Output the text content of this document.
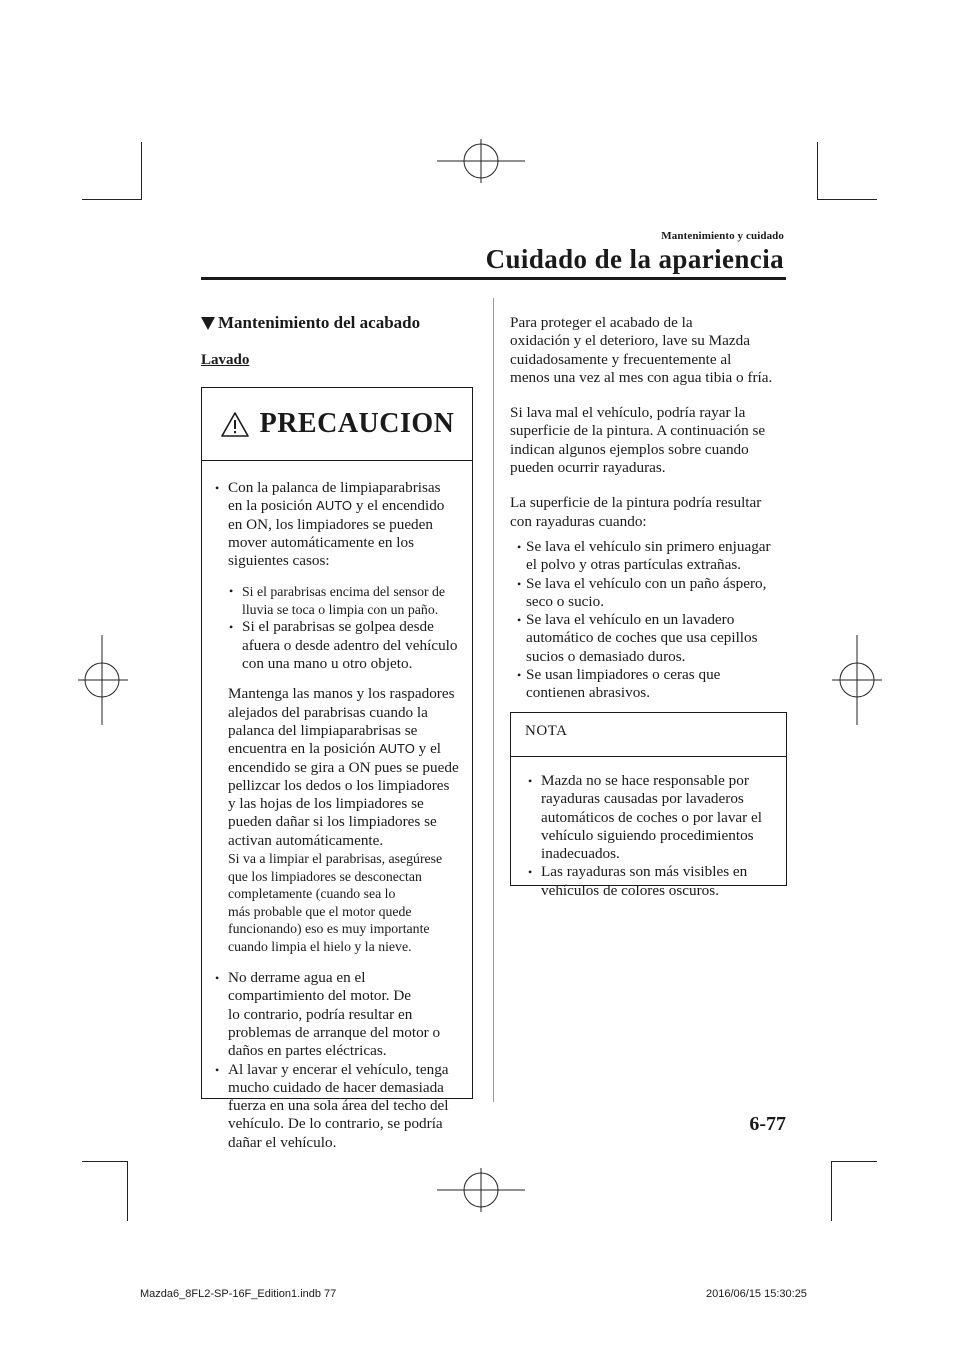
Mantenimiento y cuidado
Cuidado de la apariencia
Mantenimiento del acabado
Lavado
PRECAUCION
• Con la palanca de limpiaparabrisas
en la posición AUTO y el encendido
en ON, los limpiadores se pueden
mover automáticamente en los
siguientes casos:
• Si el parabrisas encima del sensor de
lluvia se toca o limpia con un paño.
• Si el parabrisas se golpea desde
afuera o desde adentro del vehículo
con una mano u otro objeto.
Mantenga las manos y los raspadores
alejados del parabrisas cuando la
palanca del limpiaparabrisas se
encuentra en la posición AUTO y el
encendido se gira a ON pues se puede
pellizcar los dedos o los limpiadores
y las hojas de los limpiadores se
pueden dañar si los limpiadores se
activan automáticamente.
Si va a limpiar el parabrisas, asegúrese
que los limpiadores se desconectan
completamente (cuando sea lo
más probable que el motor quede
funcionando) eso es muy importante
cuando limpia el hielo y la nieve.
• No derrame agua en el
compartimiento del motor. De
lo contrario, podría resultar en
problemas de arranque del motor o
daños en partes eléctricas.
• Al lavar y encerar el vehículo, tenga
mucho cuidado de hacer demasiada
fuerza en una sola área del techo del
vehículo. De lo contrario, se podría
dañar el vehículo.

Para proteger el acabado de la
oxidación y el deterioro, lave su Mazda
cuidadosamente y frecuentemente al
menos una vez al mes con agua tibia o fría.

Si lava mal el vehículo, podría rayar la
superficie de la pintura. A continuación se
indican algunos ejemplos sobre cuando
pueden ocurrir rayaduras.

La superficie de la pintura podría resultar
con rayaduras cuando:

• Se lava el vehículo sin primero enjuagar
el polvo y otras partículas extrañas.
• Se lava el vehículo con un paño áspero,
seco o sucio.
• Se lava el vehículo en un lavadero
automático de coches que usa cepillos
sucios o demasiado duros.
• Se usan limpiadores o ceras que
contienen abrasivos.
NOTA
• Mazda no se hace responsable por
rayaduras causadas por lavaderos
automáticos de coches o por lavar el
vehículo siguiendo procedimientos
inadecuados.
• Las rayaduras son más visibles en
vehículos de colores oscuros.
6-77
Mazda6_8FL2-SP-16F_Edition1.indb 77	2016/06/15 15:30:25
